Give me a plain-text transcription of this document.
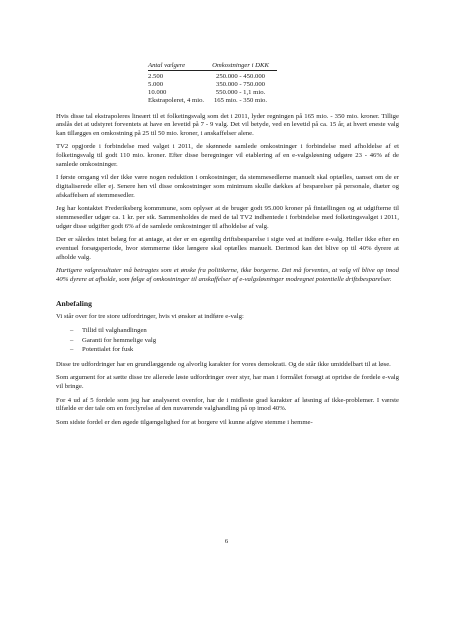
Antal vælgere	Omkostninger i DKK
2.500	250.000 - 450.000
5.000	350.000 - 750.000
10.000	550.000 - 1,1 mio.
Ekstrapoleret, 4 mio.	165 mio. - 350 mio.

Hvis disse tal ekstrapoleres lineært til et folketingsvalg som det i 2011, lyder regningen på 165 mio. - 350 mio. kroner. Tillige anslås det at udstyret forventets at have en levetid på 7 - 9 valg. Det vil betyde, ved en levetid på ca. 15 år, at hvert eneste valg kan tillægges en omkostning på 25 til 50 mio. kroner, i anskaffelser alene.

TV2 opgjorde i forbindelse med valget i 2011, de skønnede samlede omkostninger i forbindelse med afholdelse af et folketingsvalg til godt 110 mio. kroner. Efter disse beregninger vil etablering af en e-valgsløsning udgøre 23 - 46% af de samlede omkostninger.

I første omgang vil der ikke være nogen reduktion i omkostninger, da stemmesedlerne manuelt skal optælles, uanset om de er digitaliserede eller ej. Senere hen vil disse omkostninger som minimum skulle dækkes af besparelser på personale, diæter og afskaffelsen af stemmesedler.

Jeg har kontaktet Frederiksberg kommmune, som oplyser at de bruger godt 95.000 kroner på fintællingen og at udgifterne til stemmesedler udgør ca. 1 kr. per stk. Sammenholdes de med de tal TV2 indhentede i forbindelse med folketingsvalget i 2011, udgør disse udgifter godt 6% af de samlede omkostninger til afholdelse af valg.

Der er således intet belæg for at antage, at der er en egentlig driftsbesparelse i sigte ved at indføre e-valg. Heller ikke efter en eventuel forsøgsperiode, hvor stemmerne ikke længere skal optælles manuelt. Derimod kan det blive op til 40% dyrere at afholde valg.

Hurtigere valgresultater må betragtes som et ønske fra politikerne, ikke borgerne. Det må forventes, at valg vil blive op imod 40% dyrere at afholde, som følge af omkostninger til anskaffelser af e-valgsløsninger modregnet potentielle driftsbesparelser.

Anbefaling

Vi står over for tre store udfordringer, hvis vi ønsker at indføre e-valg:

– Tillid til valghandlingen
– Garanti for hemmelige valg
– Potentialet for fusk

Disse tre udfordringer har en grundlæggende og alvorlig karakter for vores demokrati. Og de står ikke umiddelbart til at løse.

Som argument for at sætte disse tre allerede løste udfordringer over styr, har man i formålet forsøgt at opridse de fordele e-valg vil bringe.

For 4 ud af 5 fordele som jeg har analyseret ovenfor, har de i midleste grad karakter af løsning af ikke-problemer. I værste tilfælde er der tale om en forclyrelse af den nuværende valghandling på op imod 40%.

Som sidste fordel er den øgede tilgængelighed for at borgere vil kunne afgive stemme i hemme-

6
